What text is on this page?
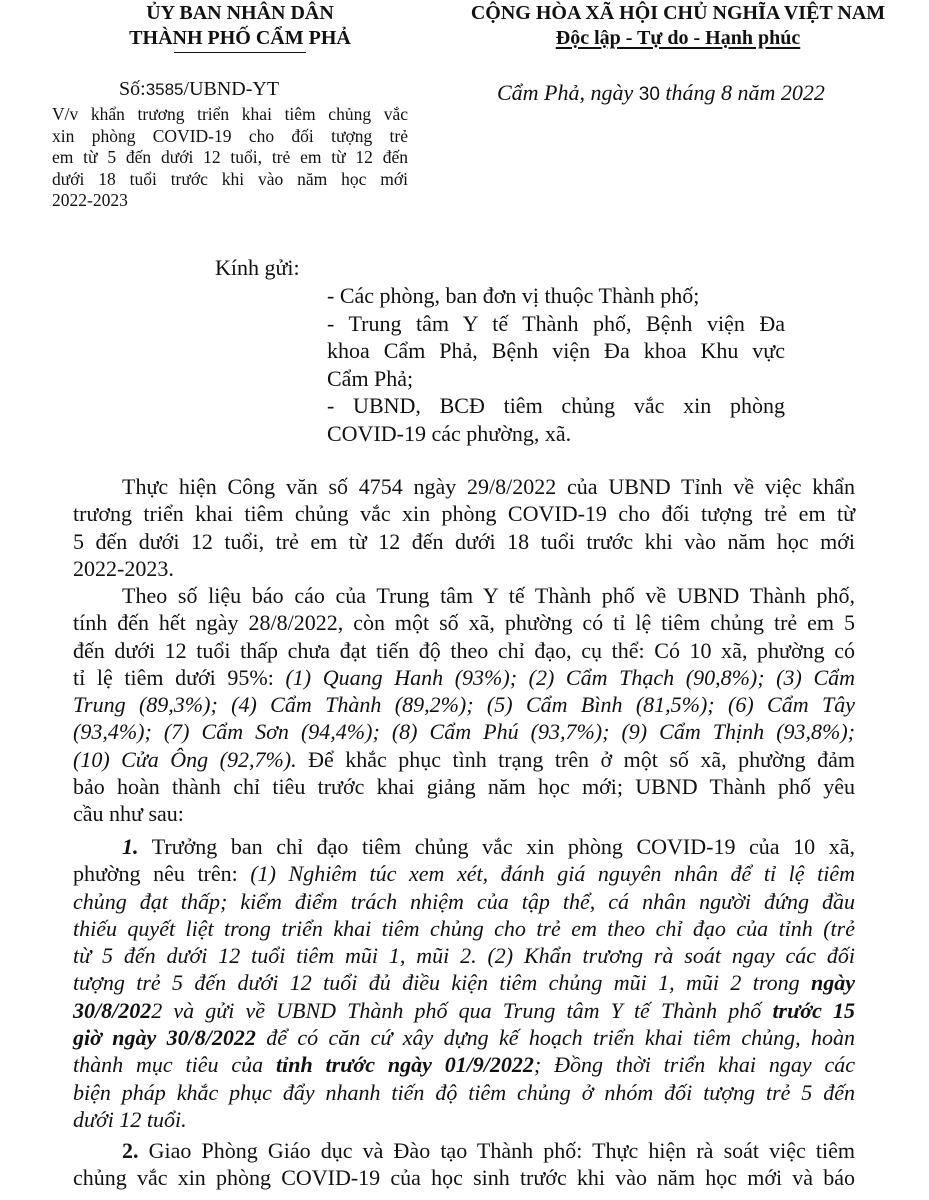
ỦY BAN NHÂN DÂN
THÀNH PHỐ CẨM PHẢ
CỘNG HÒA XÃ HỘI CHỦ NGHĨA VIỆT NAM
Độc lập - Tự do - Hạnh phúc
Số:3585/UBND-YT	Cẩm Phả, ngày 30 tháng 8 năm 2022
V/v khẩn trương triển khai tiêm chủng vắc
xin phòng COVID-19 cho đối tượng trẻ
em từ 5 đến dưới 12 tuổi, trẻ em từ 12 đến
dưới 18 tuổi trước khi vào năm học mới
2022-2023
Kính gửi:
- Các phòng, ban đơn vị thuộc Thành phố;
- Trung tâm Y tế Thành phố, Bệnh viện Đa
khoa Cẩm Phả, Bệnh viện Đa khoa Khu vực
Cẩm Phả;
- UBND, BCĐ tiêm chủng vắc xin phòng
COVID-19 các phường, xã.
Thực hiện Công văn số 4754 ngày 29/8/2022 của UBND Tỉnh về việc khẩn
trương triển khai tiêm chủng vắc xin phòng COVID-19 cho đối tượng trẻ em từ
5 đến dưới 12 tuổi, trẻ em từ 12 đến dưới 18 tuổi trước khi vào năm học mới
2022-2023.
Theo số liệu báo cáo của Trung tâm Y tế Thành phố về UBND Thành phố,
tính đến hết ngày 28/8/2022, còn một số xã, phường có tỉ lệ tiêm chủng trẻ em 5
đến dưới 12 tuổi thấp chưa đạt tiến độ theo chỉ đạo, cụ thể: Có 10 xã, phường có
tỉ lệ tiêm dưới 95%: (1) Quang Hanh (93%); (2) Cẩm Thạch (90,8%); (3) Cẩm
Trung (89,3%); (4) Cẩm Thành (89,2%); (5) Cẩm Bình (81,5%); (6) Cẩm Tây
(93,4%); (7) Cẩm Sơn (94,4%); (8) Cẩm Phú (93,7%); (9) Cẩm Thịnh (93,8%);
(10) Cửa Ông (92,7%). Để khắc phục tình trạng trên ở một số xã, phường đảm
bảo hoàn thành chỉ tiêu trước khai giảng năm học mới; UBND Thành phố yêu
cầu như sau:
1. Trưởng ban chỉ đạo tiêm chủng vắc xin phòng COVID-19 của 10 xã,
phường nêu trên: (1) Nghiêm túc xem xét, đánh giá nguyên nhân để tỉ lệ tiêm
chủng đạt thấp; kiểm điểm trách nhiệm của tập thể, cá nhân người đứng đầu
thiếu quyết liệt trong triển khai tiêm chủng cho trẻ em theo chỉ đạo của tỉnh (trẻ
từ 5 đến dưới 12 tuổi tiêm mũi 1, mũi 2. (2) Khẩn trương rà soát ngay các đối
tượng trẻ 5 đến dưới 12 tuổi đủ điều kiện tiêm chủng mũi 1, mũi 2 trong ngày
30/8/2022 và gửi về UBND Thành phố qua Trung tâm Y tế Thành phố trước 15
giờ ngày 30/8/2022 để có căn cứ xây dựng kế hoạch triển khai tiêm chủng, hoàn
thành mục tiêu của tỉnh trước ngày 01/9/2022; Đồng thời triển khai ngay các
biện pháp khắc phục đẩy nhanh tiến độ tiêm chủng ở nhóm đối tượng trẻ 5 đến
dưới 12 tuổi.
2. Giao Phòng Giáo dục và Đào tạo Thành phố: Thực hiện rà soát việc tiêm
chủng vắc xin phòng COVID-19 của học sinh trước khi vào năm học mới và báo
